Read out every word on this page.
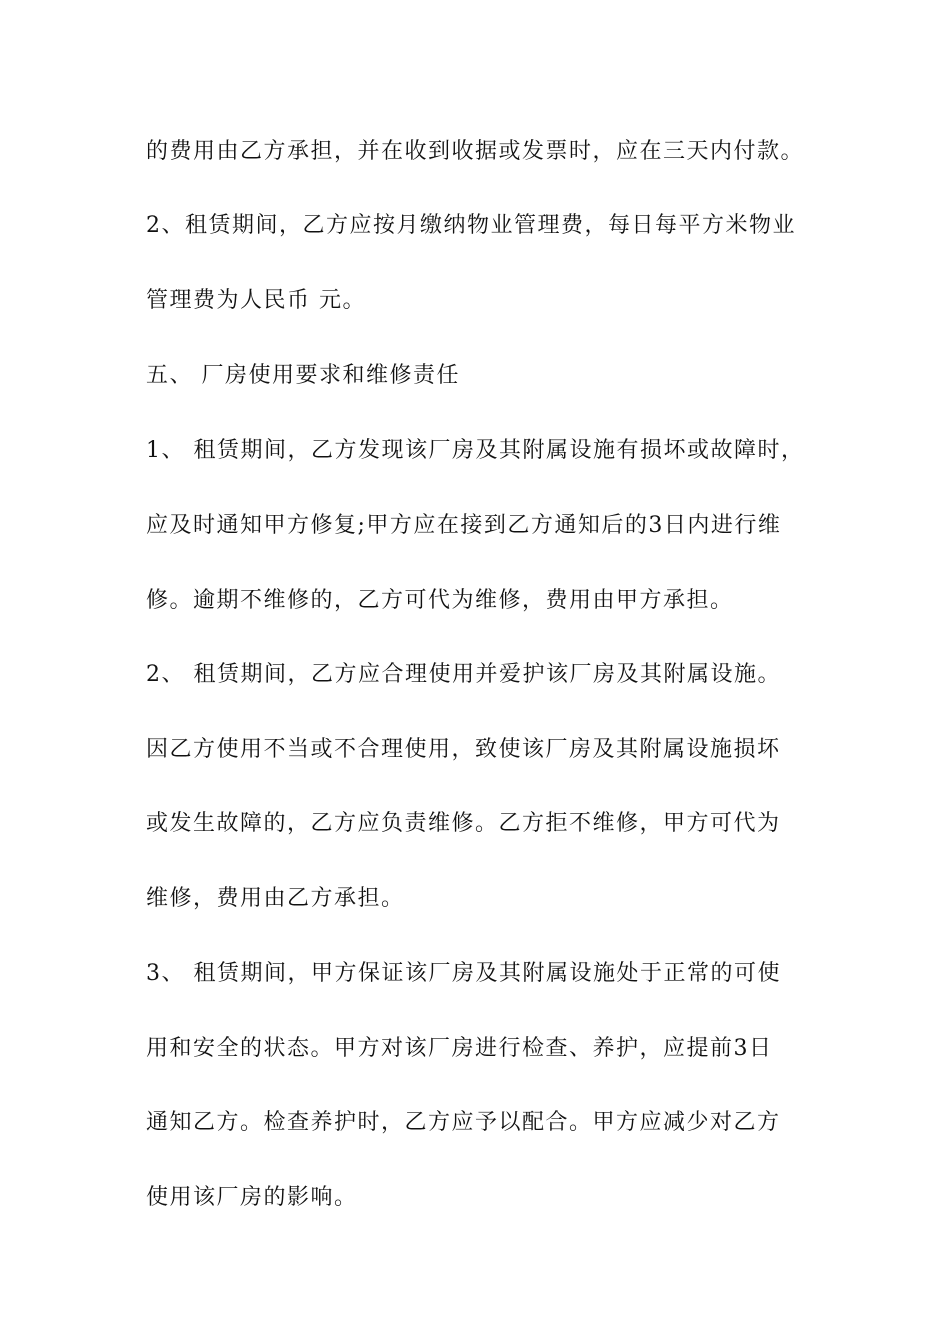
的费用由乙方承担，并在收到收据或发票时，应在三天内付款。
2、租赁期间，乙方应按月缴纳物业管理费，每日每平方米物业
管理费为人民币 元。
五、 厂房使用要求和维修责任
1、 租赁期间，乙方发现该厂房及其附属设施有损坏或故障时，
应及时通知甲方修复;甲方应在接到乙方通知后的3日内进行维
修。逾期不维修的，乙方可代为维修，费用由甲方承担。
2、 租赁期间，乙方应合理使用并爱护该厂房及其附属设施。
因乙方使用不当或不合理使用，致使该厂房及其附属设施损坏
或发生故障的，乙方应负责维修。乙方拒不维修，甲方可代为
维修，费用由乙方承担。
3、 租赁期间，甲方保证该厂房及其附属设施处于正常的可使
用和安全的状态。甲方对该厂房进行检查、养护，应提前3日
通知乙方。检查养护时，乙方应予以配合。甲方应减少对乙方
使用该厂房的影响。
